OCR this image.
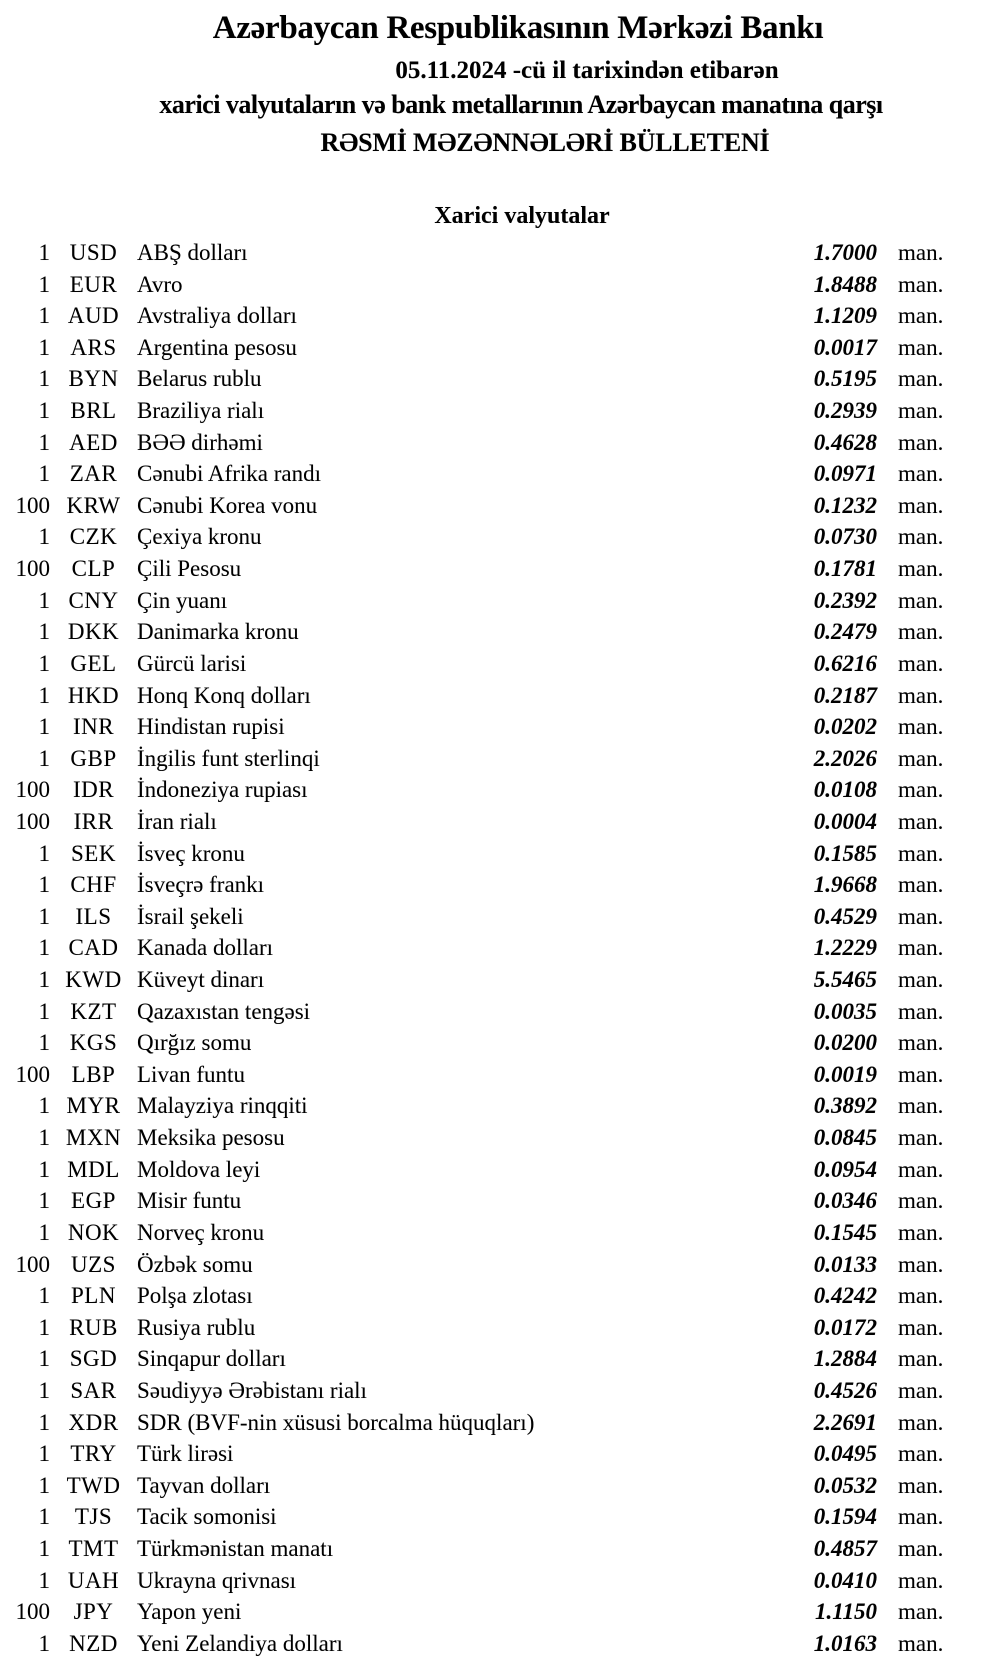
Azərbaycan Respublikasının Mərkəzi Bankı
05.11.2024 -cü il tarixindən etibarən
xarici valyutaların və bank metallarının Azərbaycan manatına qarşı
RƏSMİ MƏZƏNNƏLƏRİ BÜLLETENİ
Xarici valyutalar
1 USD ABŞ dolları	1.7000 man.
1 EUR Avro	1.8488 man.
1 AUD Avstraliya dolları	1.1209 man.
1 ARS Argentina pesosu	0.0017 man.
1 BYN Belarus rublu	0.5195 man.
1 BRL Braziliya rialı	0.2939 man.
1 AED BƏƏ dirhəmi	0.4628 man.
1 ZAR Cənubi Afrika randı	0.0971 man.
100 KRW Cənubi Korea vonu	0.1232 man.
1 CZK Çexiya kronu	0.0730 man.
100 CLP Çili Pesosu	0.1781 man.
1 CNY Çin yuanı	0.2392 man.
1 DKK Danimarka kronu	0.2479 man.
1 GEL Gürcü larisi	0.6216 man.
1 HKD Honq Konq dolları	0.2187 man.
1 INR Hindistan rupisi	0.0202 man.
1 GBP İngilis funt sterlinqi	2.2026 man.
100 IDR İndoneziya rupiası	0.0108 man.
100	IRR	İran rialı	0.0004 man.
1 SEK İsveç kronu	0.1585 man.
1 CHF İsveçrə frankı	1.9668 man.
1	ILS	İsrail şekeli	0.4529 man.
1 CAD Kanada dolları	1.2229 man.
1 KWD Küveyt dinarı	5.5465 man.
1 KZT Qazaxıstan tengəsi	0.0035 man.
1 KGS Qırğız somu	0.0200 man.
100 LBP Livan funtu	0.0019 man.
1 MYR Malayziya rinqqiti	0.3892 man.
1 MXN Meksika pesosu	0.0845 man.
1 MDL Moldova leyi	0.0954 man.
1 EGP Misir funtu	0.0346 man.
1 NOK Norveç kronu	0.1545 man.
100 UZS Özbək somu	0.0133 man.
1 PLN Polşa zlotası	0.4242 man.
1 RUB Rusiya rublu	0.0172 man.
1 SGD Sinqapur dolları	1.2884 man.
1 SAR Səudiyyə Ərəbistanı rialı	0.4526 man.
1 XDR SDR (BVF-nin xüsusi borcalma hüquqları)	2.2691 man.
1 TRY Türk lirəsi	0.0495 man.
1 TWD Tayvan dolları	0.0532 man.
1	TJS	Tacik somonisi	0.1594 man.
1 TMT Türkmənistan manatı	0.4857 man.
1 UAH Ukrayna qrivnası	0.0410 man.
100	JPY	Yapon yeni	1.1150 man.
1 NZD Yeni Zelandiya dolları	1.0163 man.
